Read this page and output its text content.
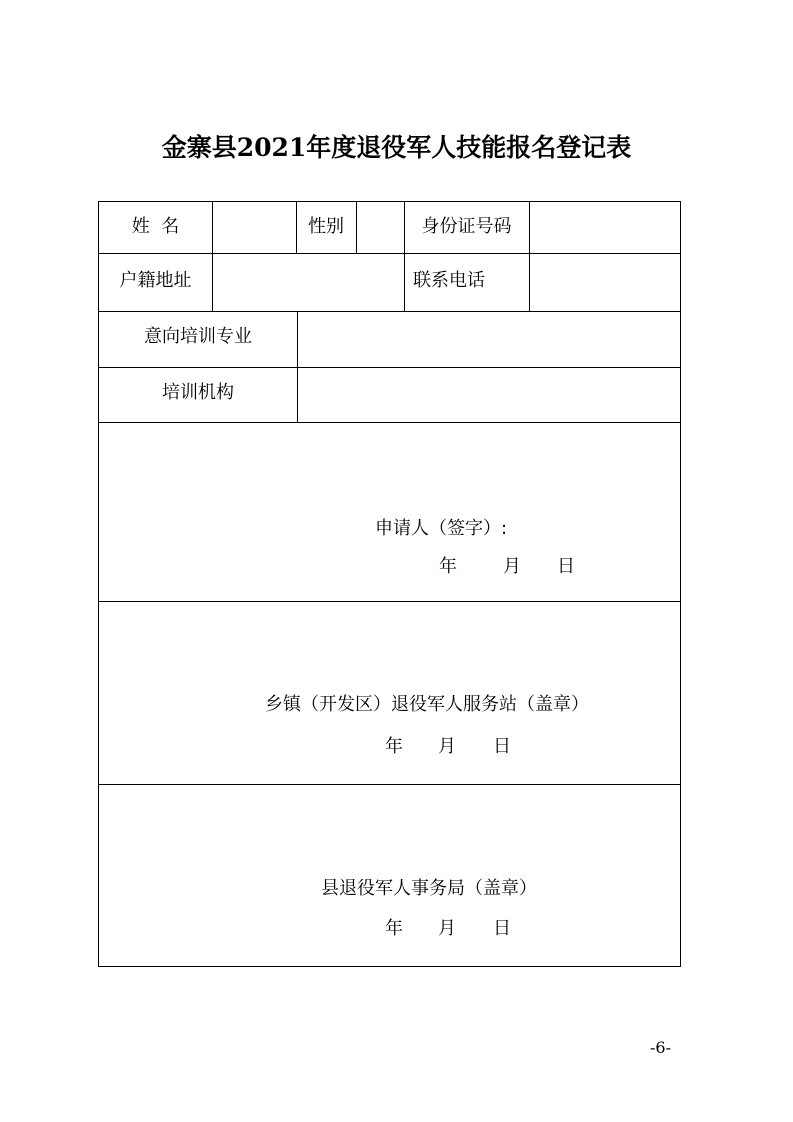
金寨县2021年度退役军人技能报名登记表
姓  名	性别	身份证号码
户籍地址	联系电话
意向培训专业
培训机构
申请人（签字）:
年	月 日
乡镇（开发区）退役军人服务站（盖章）
年 月 日
县退役军人事务局（盖章）
年 月 日
-6-
